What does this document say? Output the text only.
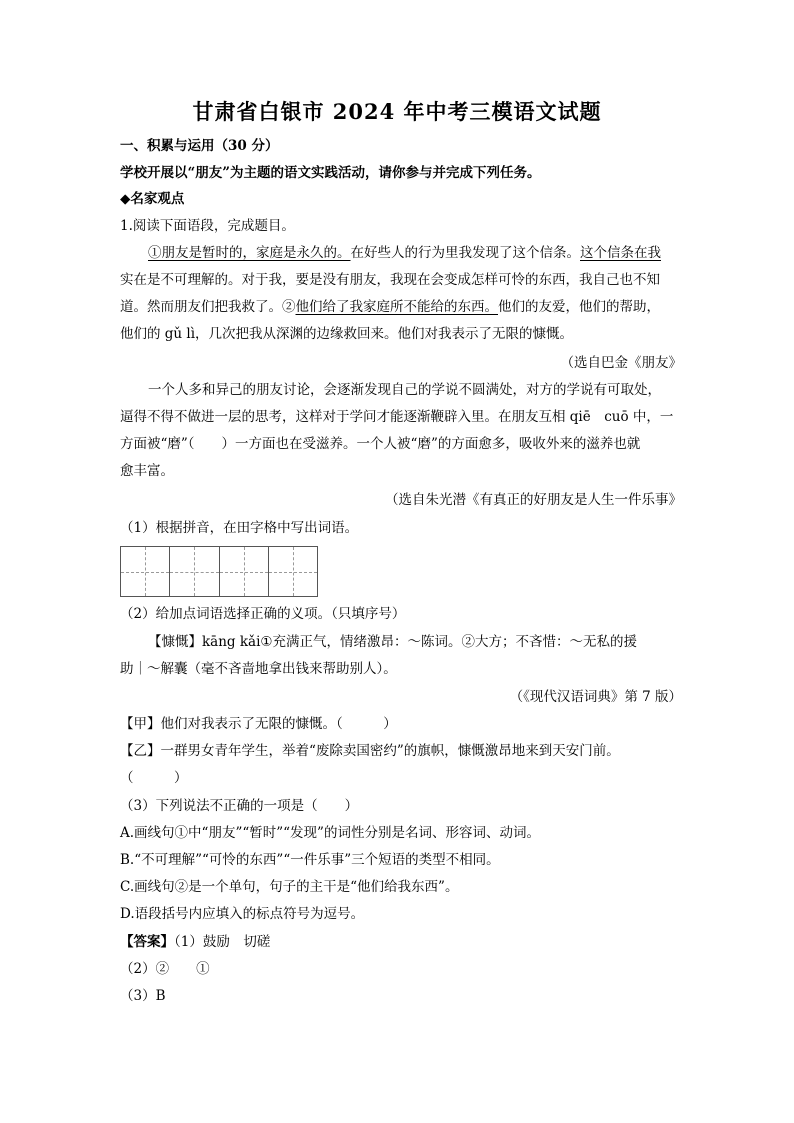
甘肃省白银市 2024 年中考三模语文试题
一、积累与运用（30 分）
学校开展以“朋友”为主题的语文实践活动，请你参与并完成下列任务。
◆名家观点
1.阅读下面语段，完成题目。
①朋友是暂时的，家庭是永久的。在好些人的行为里我发现了这个信条。这个信条在我
实在是不可理解的。对于我，要是没有朋友，我现在会变成怎样可怜的东西，我自己也不知
道。然而朋友们把我救了。②他们给了我家庭所不能给的东西。他们的友爱，他们的帮助，
他们的 gǔ lì，几次把我从深渊的边缘救回来。他们对我表示了无限的慷慨。
（选自巴金《朋友》
一个人多和异己的朋友讨论，会逐渐发现自己的学说不圆满处，对方的学说有可取处，
逼得不得不做进一层的思考，这样对于学问才能逐渐鞭辟入里。在朋友互相 qiē　cuō 中，一
方面被“磨”（　　）一方面也在受滋养。一个人被“磨”的方面愈多，吸收外来的滋养也就
愈丰富。
（选自朱光潜《有真正的好朋友是人生一件乐事》
（1）根据拼音，在田字格中写出词语。
（2）给加点词语选择正确的义项。（只填序号）
【慷慨】kāng kǎi①充满正气，情绪激昂：～陈词。②大方；不吝惜：～无私的援
助｜～解囊（毫不吝啬地拿出钱来帮助别人）。
（《现代汉语词典》第 7 版）
【甲】他们对我表示了无限的慷慨。（　　　）
【乙】一群男女青年学生，举着“废除卖国密约”的旗帜，慷慨激昂地来到天安门前。
（　　　）
（3）下列说法不正确的一项是（　　）
A.画线句①中“朋友”“暂时”“发现”的词性分别是名词、形容词、动词。
B.“不可理解”“可怜的东西”“一件乐事”三个短语的类型不相同。
C.画线句②是一个单句，句子的主干是“他们给我东西”。
D.语段括号内应填入的标点符号为逗号。
【答案】（1）鼓励　切磋
（2）②　　①
（3）B
